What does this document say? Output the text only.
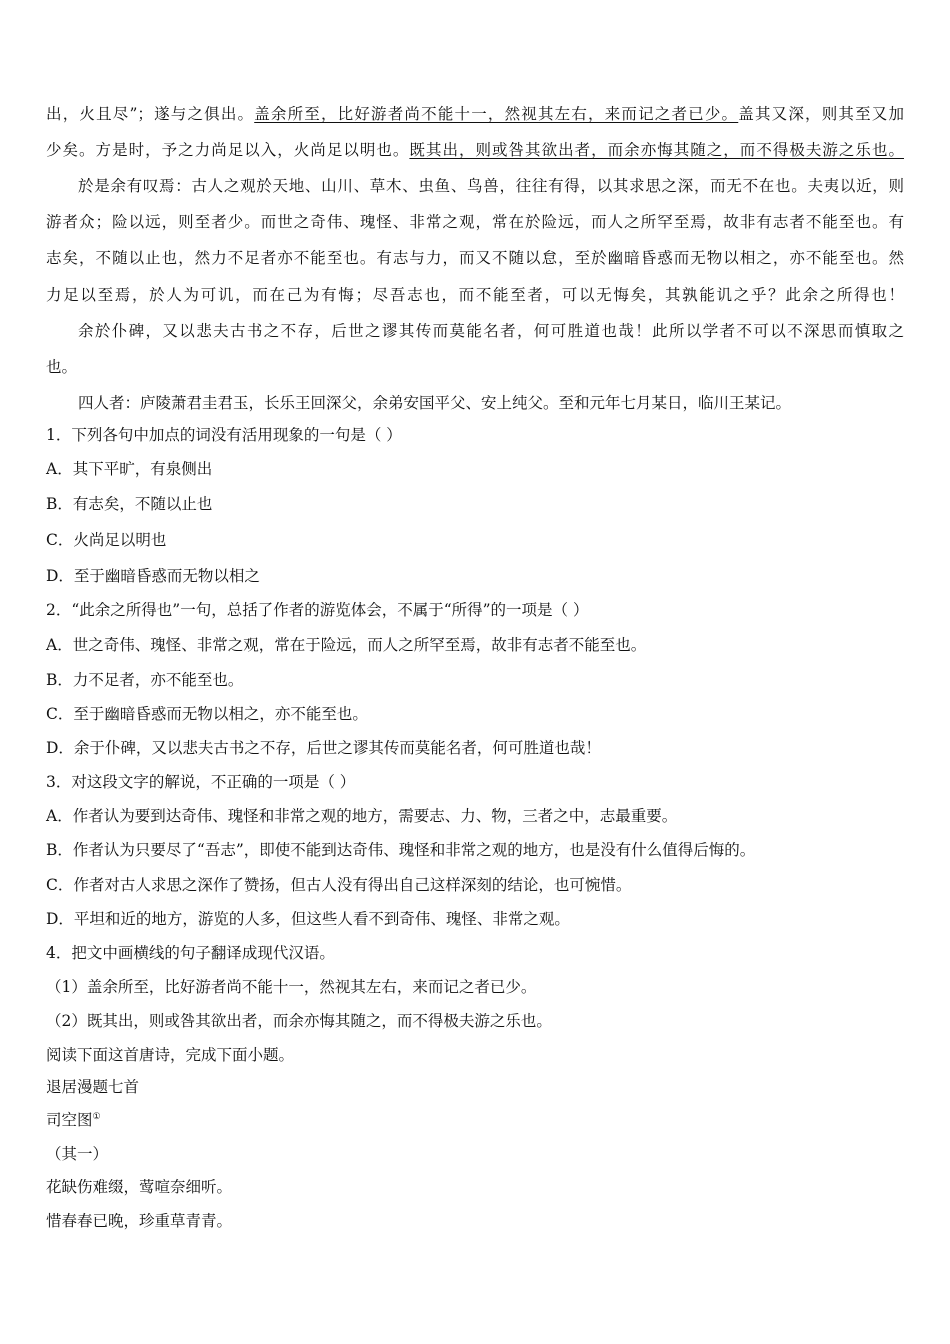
出，火且尽”；遂与之俱出。盖余所至，比好游者尚不能十一，然视其左右，来而记之者已少。盖其又深，则其至又加
少矣。方是时，予之力尚足以入，火尚足以明也。既其出，则或咎其欲出者，而余亦悔其随之，而不得极夫游之乐也。
於是余有叹焉：古人之观於天地、山川、草木、虫鱼、鸟兽，往往有得，以其求思之深，而无不在也。夫夷以近，则
游者众；险以远，则至者少。而世之奇伟、瑰怪、非常之观，常在於险远，而人之所罕至焉，故非有志者不能至也。有
志矣，不随以止也，然力不足者亦不能至也。有志与力，而又不随以怠，至於幽暗昏惑而无物以相之，亦不能至也。然
力足以至焉，於人为可讥，而在己为有悔；尽吾志也，而不能至者，可以无悔矣，其孰能讥之乎？此余之所得也！
余於仆碑，又以悲夫古书之不存，后世之谬其传而莫能名者，何可胜道也哉！此所以学者不可以不深思而慎取之
也。
四人者：庐陵萧君圭君玉，长乐王回深父，余弟安国平父、安上纯父。至和元年七月某日，临川王某记。
1．下列各句中加点的词没有活用现象的一句是（ ）
A．其下平旷，有泉侧出
B．有志矣，不随以止也
C．火尚足以明也
D．至于幽暗昏惑而无物以相之
2．“此余之所得也”一句，总括了作者的游览体会，不属于“所得”的一项是（ ）
A．世之奇伟、瑰怪、非常之观，常在于险远，而人之所罕至焉，故非有志者不能至也。
B．力不足者，亦不能至也。
C．至于幽暗昏惑而无物以相之，亦不能至也。
D．余于仆碑，又以悲夫古书之不存，后世之谬其传而莫能名者，何可胜道也哉！
3．对这段文字的解说，不正确的一项是（ ）
A．作者认为要到达奇伟、瑰怪和非常之观的地方，需要志、力、物，三者之中，志最重要。
B．作者认为只要尽了“吾志”，即使不能到达奇伟、瑰怪和非常之观的地方，也是没有什么值得后悔的。
C．作者对古人求思之深作了赞扬，但古人没有得出自己这样深刻的结论，也可惋惜。
D．平坦和近的地方，游览的人多，但这些人看不到奇伟、瑰怪、非常之观。
4．把文中画横线的句子翻译成现代汉语。
（1）盖余所至，比好游者尚不能十一，然视其左右，来而记之者已少。
（2）既其出，则或咎其欲出者，而余亦悔其随之，而不得极夫游之乐也。
阅读下面这首唐诗，完成下面小题。
退居漫题七首
司空图①
（其一）
花缺伤难缀，莺喧奈细听。
惜春春已晚，珍重草青青。
